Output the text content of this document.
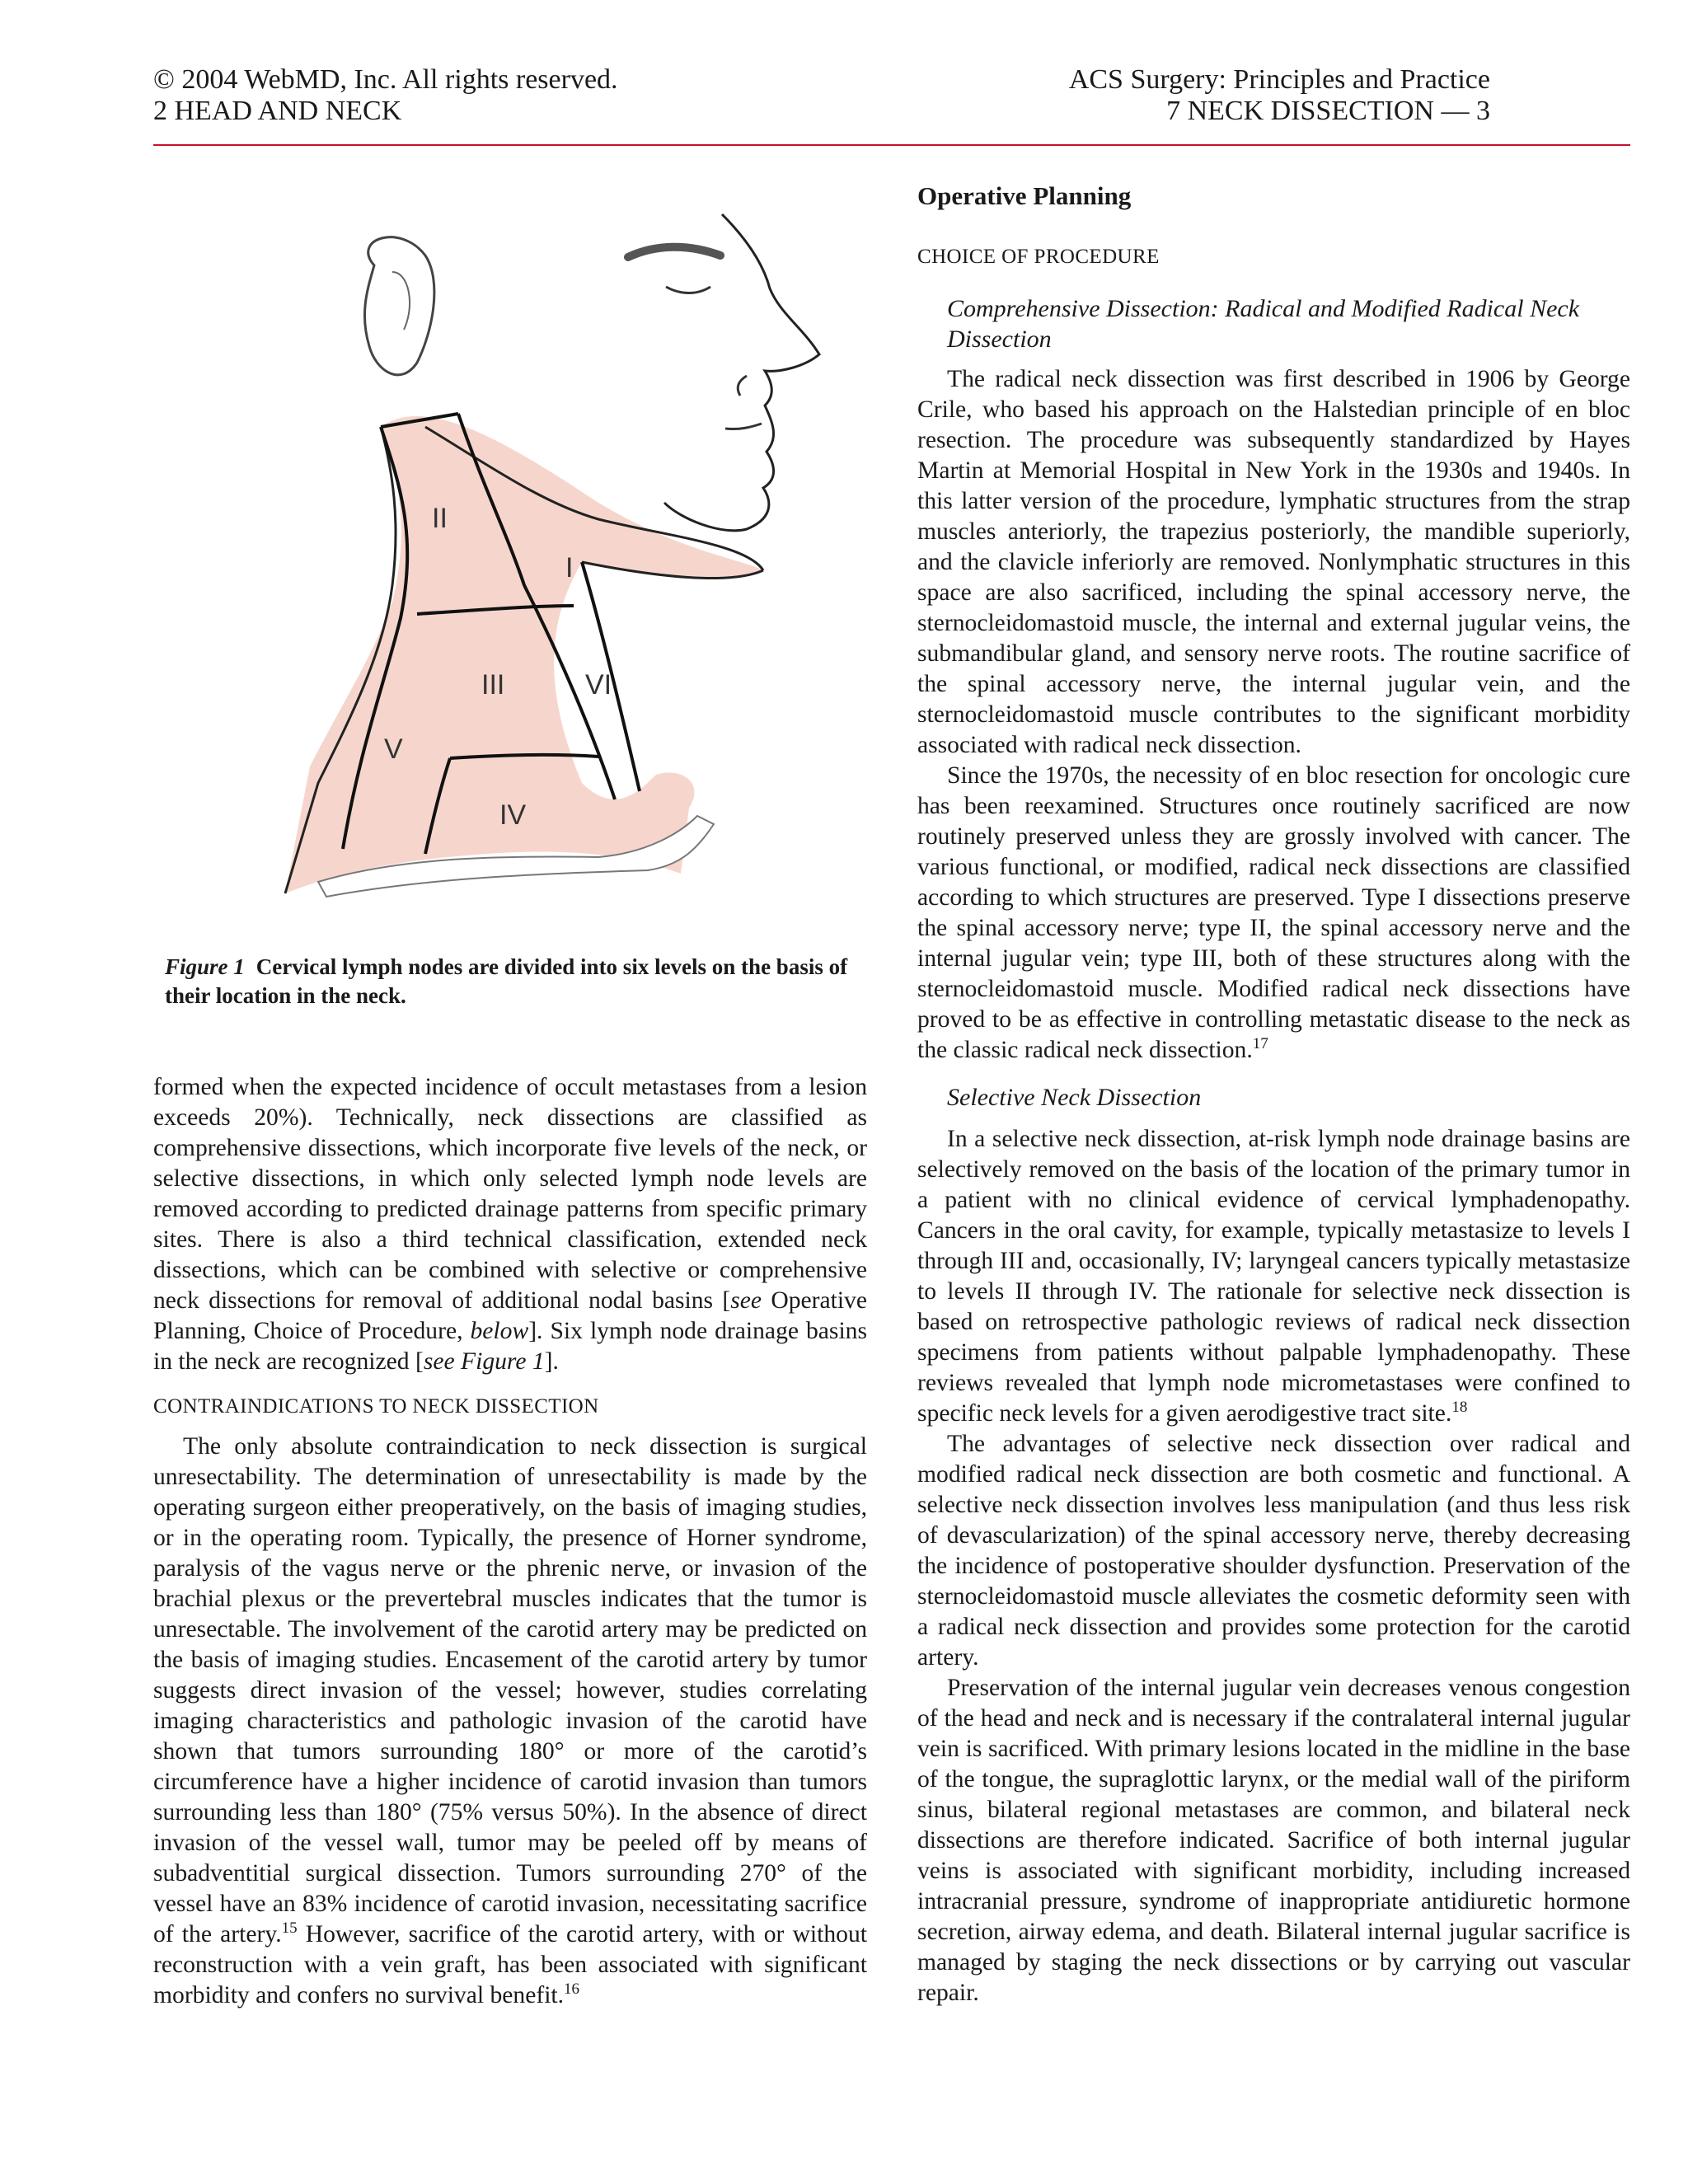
© 2004 WebMD, Inc. All rights reserved.
2 HEAD AND NECK
ACS Surgery: Principles and Practice
7 NECK DISSECTION — 3
II
I
III	VI
V
IV
Figure 1 Cervical lymph nodes are divided into six levels on the basis of their location in the neck.

formed when the expected incidence of occult metastases from a lesion exceeds 20%). Technically, neck dissections are classified as comprehensive dissections, which incorporate five levels of the neck, or selective dissections, in which only selected lymph node levels are removed according to predicted drainage patterns from specific primary sites. There is also a third technical classification, extended neck dissections, which can be combined with selective or comprehensive neck dissections for removal of additional nodal basins [see Operative Planning, Choice of Procedure, below]. Six lymph node drainage basins in the neck are recognized [see Figure 1].

CONTRAINDICATIONS TO NECK DISSECTION

The only absolute contraindication to neck dissection is surgical unresectability. The determination of unresectability is made by the operating surgeon either preoperatively, on the basis of imaging studies, or in the operating room. Typically, the presence of Horner syndrome, paralysis of the vagus nerve or the phrenic nerve, or invasion of the brachial plexus or the prevertebral muscles indicates that the tumor is unresectable. The involvement of the carotid artery may be predicted on the basis of imaging studies. Encasement of the carotid artery by tumor suggests direct invasion of the vessel; however, studies correlating imaging characteristics and pathologic invasion of the carotid have shown that tumors surrounding 180° or more of the carotid’s circumference have a higher incidence of carotid invasion than tumors surrounding less than 180° (75% versus 50%). In the absence of direct invasion of the vessel wall, tumor may be peeled off by means of subadventitial surgical dissection. Tumors surrounding 270° of the vessel have an 83% incidence of carotid invasion, necessitating sacrifice of the artery.$^{15}$ However, sacrifice of the carotid artery, with or without reconstruction with a vein graft, has been associated with significant morbidity and confers no survival benefit.$^{16}$

Operative Planning
CHOICE OF PROCEDURE
Comprehensive Dissection: Radical and Modified Radical Neck Dissection

The radical neck dissection was first described in 1906 by George Crile, who based his approach on the Halstedian principle of en bloc resection. The procedure was subsequently standardized by Hayes Martin at Memorial Hospital in New York in the 1930s and 1940s. In this latter version of the procedure, lymphatic structures from the strap muscles anteriorly, the trapezius posteriorly, the mandible superiorly, and the clavicle inferiorly are removed. Nonlymphatic structures in this space are also sacrificed, including the spinal accessory nerve, the sternocleidomastoid muscle, the internal and external jugular veins, the submandibular gland, and sensory nerve roots. The routine sacrifice of the spinal accessory nerve, the internal jugular vein, and the sternocleidomastoid muscle contributes to the significant morbidity associated with radical neck dissection.

Since the 1970s, the necessity of en bloc resection for oncologic cure has been reexamined. Structures once routinely sacrificed are now routinely preserved unless they are grossly involved with cancer. The various functional, or modified, radical neck dissections are classified according to which structures are preserved. Type I dissections preserve the spinal accessory nerve; type II, the spinal accessory nerve and the internal jugular vein; type III, both of these structures along with the sternocleidomastoid muscle. Modified radical neck dissections have proved to be as effective in controlling metastatic disease to the neck as the classic radical neck dissection.$^{17}$

Selective Neck Dissection

In a selective neck dissection, at-risk lymph node drainage basins are selectively removed on the basis of the location of the primary tumor in a patient with no clinical evidence of cervical lymphadenopathy. Cancers in the oral cavity, for example, typically metastasize to levels I through III and, occasionally, IV; laryngeal cancers typically metastasize to levels II through IV. The rationale for selective neck dissection is based on retrospective pathologic reviews of radical neck dissection specimens from patients without palpable lymphadenopathy. These reviews revealed that lymph node micrometastases were confined to specific neck levels for a given aerodigestive tract site.$^{18}$

The advantages of selective neck dissection over radical and modified radical neck dissection are both cosmetic and functional. A selective neck dissection involves less manipulation (and thus less risk of devascularization) of the spinal accessory nerve, thereby decreasing the incidence of postoperative shoulder dysfunction. Preservation of the sternocleidomastoid muscle alleviates the cosmetic deformity seen with a radical neck dissection and provides some protection for the carotid artery.

Preservation of the internal jugular vein decreases venous congestion of the head and neck and is necessary if the contralateral internal jugular vein is sacrificed. With primary lesions located in the midline in the base of the tongue, the supraglottic larynx, or the medial wall of the piriform sinus, bilateral regional metastases are common, and bilateral neck dissections are therefore indicated. Sacrifice of both internal jugular veins is associated with significant morbidity, including increased intracranial pressure, syndrome of inappropriate antidiuretic hormone secretion, airway edema, and death. Bilateral internal jugular sacrifice is managed by staging the neck dissections or by carrying out vascular repair.
